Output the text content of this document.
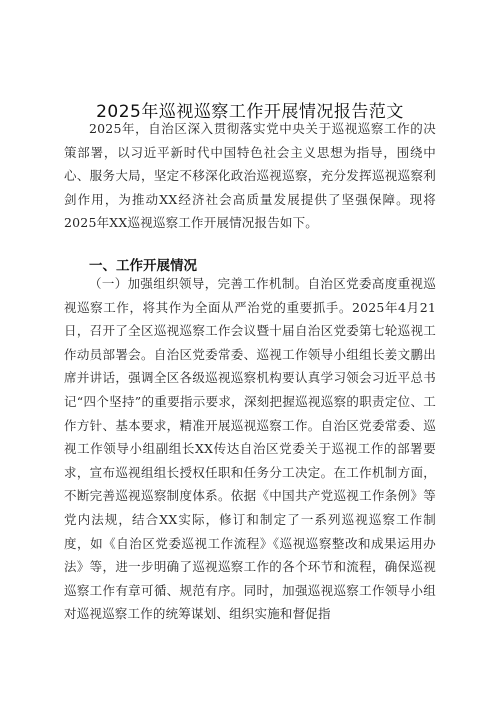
2025年巡视巡察工作开展情况报告范文

2025年，自治区深入贯彻落实党中央关于巡视巡察工作的决策部署，以习近平新时代中国特色社会主义思想为指导，围绕中心、服务大局，坚定不移深化政治巡视巡察，充分发挥巡视巡察利剑作用，为推动XX经济社会高质量发展提供了坚强保障。现将2025年XX巡视巡察工作开展情况报告如下。

一、工作开展情况

（一）加强组织领导，完善工作机制。自治区党委高度重视巡视巡察工作，将其作为全面从严治党的重要抓手。2025年4月21日，召开了全区巡视巡察工作会议暨十届自治区党委第七轮巡视工作动员部署会。自治区党委常委、巡视工作领导小组组长姜文鹏出席并讲话，强调全区各级巡视巡察机构要认真学习领会习近平总书记“四个坚持”的重要指示要求，深刻把握巡视巡察的职责定位、工作方针、基本要求，精准开展巡视巡察工作。自治区党委常委、巡视工作领导小组副组长XX传达自治区党委关于巡视工作的部署要求，宣布巡视组组长授权任职和任务分工决定。在工作机制方面，不断完善巡视巡察制度体系。依据《中国共产党巡视工作条例》等党内法规，结合XX实际，修订和制定了一系列巡视巡察工作制度，如《自治区党委巡视工作流程》《巡视巡察整改和成果运用办法》等，进一步明确了巡视巡察工作的各个环节和流程，确保巡视巡察工作有章可循、规范有序。同时，加强巡视巡察工作领导小组对巡视巡察工作的统筹谋划、组织实施和督促指
